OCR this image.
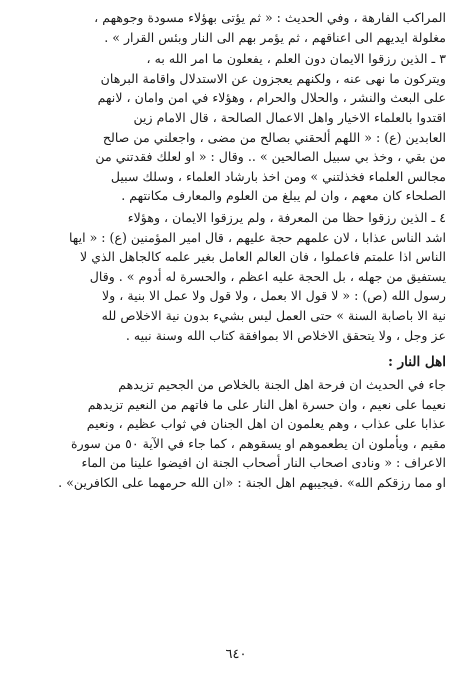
المراكب الفارهة ، وفي الحديث : « ثم يؤتى بهؤلاء مسودة وجوههم ،
مغلولة ايديهم الى اعناقهم ، ثم يؤمر بهم الى النار وبئس القرار » .
٣ ـ الذين رزقوا الايمان دون العلم ، يفعلون ما امر الله به ،
ويتركون ما نهى عنه ، ولكنهم يعجزون عن الاستدلال واقامة البرهان
على البعث والنشر ، والحلال والحرام ، وهؤلاء في امن وامان ، لانهم
اقتدوا بالعلماء الاخيار واهل الاعمال الصالحة ، قال الامام زين
العابدين (ع) : « اللهم ألحقني بصالح من مضى ، واجعلني من صالح
من بقي ، وخذ بي سبيل الصالحين » .. وقال : « او لعلك فقدتني من
مجالس العلماء فخذلتني » ومن اخذ بارشاد العلماء ، وسلك سبيل
الصلحاء كان معهم ، وان لم يبلغ من العلوم والمعارف مكانتهم .
٤ ـ الذين رزقوا حظا من المعرفة ، ولم يرزقوا الايمان ، وهؤلاء
اشد الناس عذابا ، لان علمهم حجة عليهم ، قال امير المؤمنين (ع) : « ايها
الناس اذا علمتم فاعملوا ، فان العالم العامل بغير علمه كالجاهل الذي لا
يستفيق من جهله ، بل الحجة عليه اعظم ، والحسرة له أدوم » . وقال
رسول الله (ص) : « لا قول الا بعمل ، ولا قول ولا عمل الا بنية ، ولا
نية الا باصابة السنة » حتى العمل ليس بشيء بدون نية الاخلاص لله
عز وجل ، ولا يتحقق الاخلاص الا بموافقة كتاب الله وسنة نبيه .
اهل النار :
جاء في الحديث ان فرحة اهل الجنة بالخلاص من الجحيم تزيدهم
نعيما على نعيم ، وان حسرة اهل النار على ما فاتهم من النعيم تزيدهم
عذابا على عذاب ، وهم يعلمون ان اهل الجنان في ثواب عظيم ، ونعيم
مقيم ، ويأملون ان يطعموهم او يسقوهم ، كما جاء في الآية ٥٠ من سورة
الاعراف : « ونادى اصحاب النار أصحاب الجنة ان افيضوا علينا من الماء
او مما رزقكم الله» .فيجيبهم اهل الجنة : «ان الله حرمهما على الكافرين» .
٦٤٠
